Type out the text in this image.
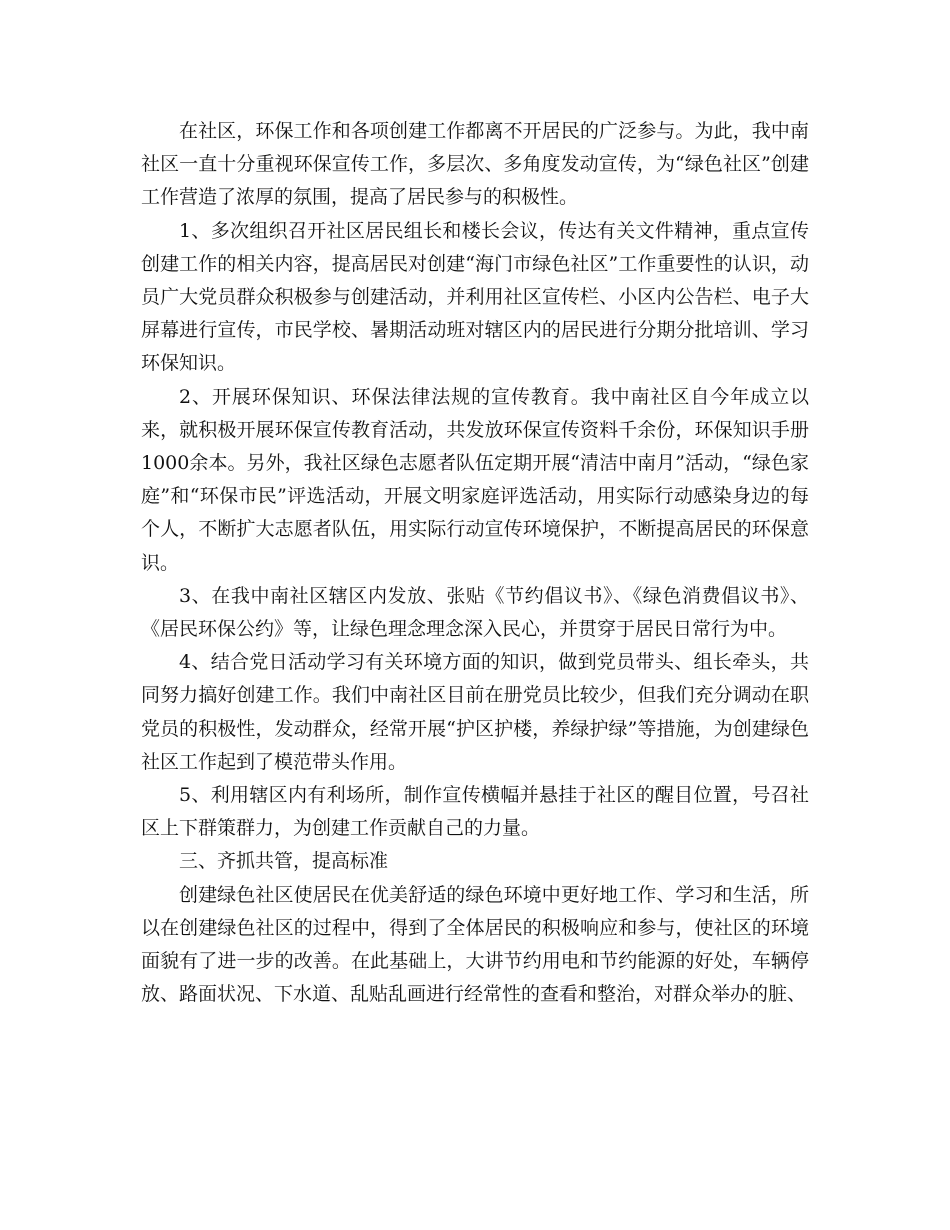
在社区，环保工作和各项创建工作都离不开居民的广泛参与。为此，我中南社区一直十分重视环保宣传工作，多层次、多角度发动宣传，为“绿色社区”创建工作营造了浓厚的氛围，提高了居民参与的积极性。

1、多次组织召开社区居民组长和楼长会议，传达有关文件精神，重点宣传创建工作的相关内容，提高居民对创建“海门市绿色社区”工作重要性的认识，动员广大党员群众积极参与创建活动，并利用社区宣传栏、小区内公告栏、电子大屏幕进行宣传，市民学校、暑期活动班对辖区内的居民进行分期分批培训、学习环保知识。

2、开展环保知识、环保法律法规的宣传教育。我中南社区自今年成立以来，就积极开展环保宣传教育活动，共发放环保宣传资料千余份，环保知识手册1000余本。另外，我社区绿色志愿者队伍定期开展“清洁中南月”活动，“绿色家庭”和“环保市民”评选活动，开展文明家庭评选活动，用实际行动感染身边的每个人，不断扩大志愿者队伍，用实际行动宣传环境保护，不断提高居民的环保意识。

3、在我中南社区辖区内发放、张贴《节约倡议书》、《绿色消费倡议书》、《居民环保公约》等，让绿色理念理念深入民心，并贯穿于居民日常行为中。

4、结合党日活动学习有关环境方面的知识，做到党员带头、组长牵头，共同努力搞好创建工作。我们中南社区目前在册党员比较少，但我们充分调动在职党员的积极性，发动群众，经常开展“护区护楼，养绿护绿”等措施，为创建绿色社区工作起到了模范带头作用。

5、利用辖区内有利场所，制作宣传横幅并悬挂于社区的醒目位置，号召社区上下群策群力，为创建工作贡献自己的力量。

三、齐抓共管，提高标准

创建绿色社区使居民在优美舒适的绿色环境中更好地工作、学习和生活，所以在创建绿色社区的过程中，得到了全体居民的积极响应和参与，使社区的环境面貌有了进一步的改善。在此基础上，大讲节约用电和节约能源的好处，车辆停放、路面状况、下水道、乱贴乱画进行经常性的查看和整治，对群众举办的脏、
